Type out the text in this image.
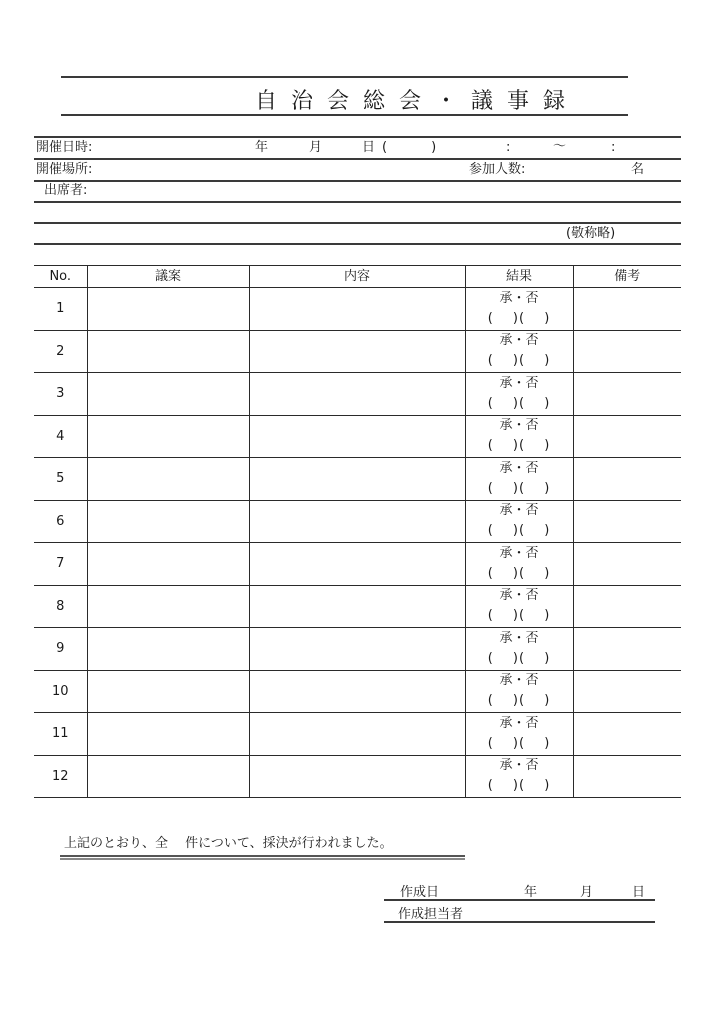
自治会総会・議事録
開催日時:	年	月	日 (　　)	:	〜	:
開催場所:	参加人数:	名
出席者:
(敬称略)
No.	議案	内容	結果	備考
1			承・否
(　 )(　 )	

2			承・否
(　 )(　 )	

3			承・否
(　 )(　 )	

4			承・否
(　 )(　 )	

5			承・否
(　 )(　 )	

6			承・否
(　 )(　 )	

7			承・否
(　 )(　 )	

8			承・否
(　 )(　 )	

9			承・否
(　 )(　 )	

10			承・否
(　 )(　 )	

11			承・否
(　 )(　 )	

12			承・否
(　 )(　 )	

上記のとおり、全　 件について、採決が行われました。
作成日	年	月	日
作成担当者
